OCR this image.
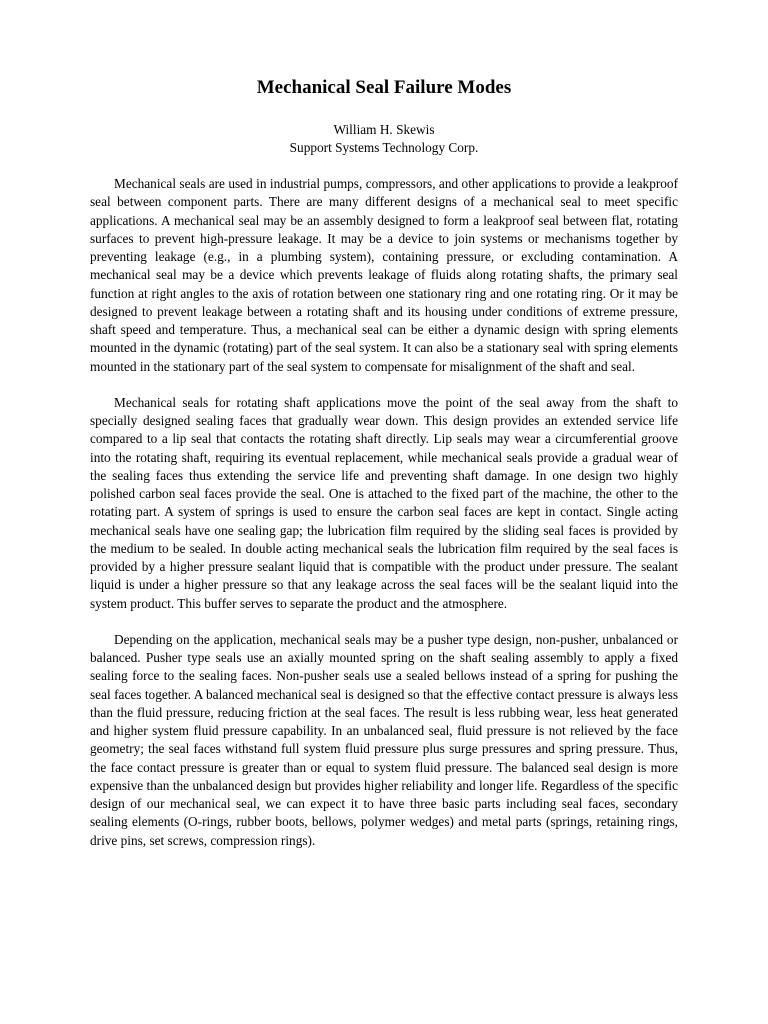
Mechanical Seal Failure Modes
William H. Skewis
Support Systems Technology Corp.

Mechanical seals are used in industrial pumps, compressors, and other applications to provide a leakproof seal between component parts. There are many different designs of a mechanical seal to meet specific applications. A mechanical seal may be an assembly designed to form a leakproof seal between flat, rotating surfaces to prevent high-pressure leakage. It may be a device to join systems or mechanisms together by preventing leakage (e.g., in a plumbing system), containing pressure, or excluding contamination. A mechanical seal may be a device which prevents leakage of fluids along rotating shafts, the primary seal function at right angles to the axis of rotation between one stationary ring and one rotating ring. Or it may be designed to prevent leakage between a rotating shaft and its housing under conditions of extreme pressure, shaft speed and temperature. Thus, a mechanical seal can be either a dynamic design with spring elements mounted in the dynamic (rotating) part of the seal system. It can also be a stationary seal with spring elements mounted in the stationary part of the seal system to compensate for misalignment of the shaft and seal.

Mechanical seals for rotating shaft applications move the point of the seal away from the shaft to specially designed sealing faces that gradually wear down. This design provides an extended service life compared to a lip seal that contacts the rotating shaft directly. Lip seals may wear a circumferential groove into the rotating shaft, requiring its eventual replacement, while mechanical seals provide a gradual wear of the sealing faces thus extending the service life and preventing shaft damage. In one design two highly polished carbon seal faces provide the seal. One is attached to the fixed part of the machine, the other to the rotating part. A system of springs is used to ensure the carbon seal faces are kept in contact. Single acting mechanical seals have one sealing gap; the lubrication film required by the sliding seal faces is provided by the medium to be sealed. In double acting mechanical seals the lubrication film required by the seal faces is provided by a higher pressure sealant liquid that is compatible with the product under pressure. The sealant liquid is under a higher pressure so that any leakage across the seal faces will be the sealant liquid into the system product. This buffer serves to separate the product and the atmosphere.

Depending on the application, mechanical seals may be a pusher type design, non-pusher, unbalanced or balanced. Pusher type seals use an axially mounted spring on the shaft sealing assembly to apply a fixed sealing force to the sealing faces. Non-pusher seals use a sealed bellows instead of a spring for pushing the seal faces together. A balanced mechanical seal is designed so that the effective contact pressure is always less than the fluid pressure, reducing friction at the seal faces. The result is less rubbing wear, less heat generated and higher system fluid pressure capability. In an unbalanced seal, fluid pressure is not relieved by the face geometry; the seal faces withstand full system fluid pressure plus surge pressures and spring pressure. Thus, the face contact pressure is greater than or equal to system fluid pressure. The balanced seal design is more expensive than the unbalanced design but provides higher reliability and longer life. Regardless of the specific design of our mechanical seal, we can expect it to have three basic parts including seal faces, secondary sealing elements (O-rings, rubber boots, bellows, polymer wedges) and metal parts (springs, retaining rings, drive pins, set screws, compression rings).
